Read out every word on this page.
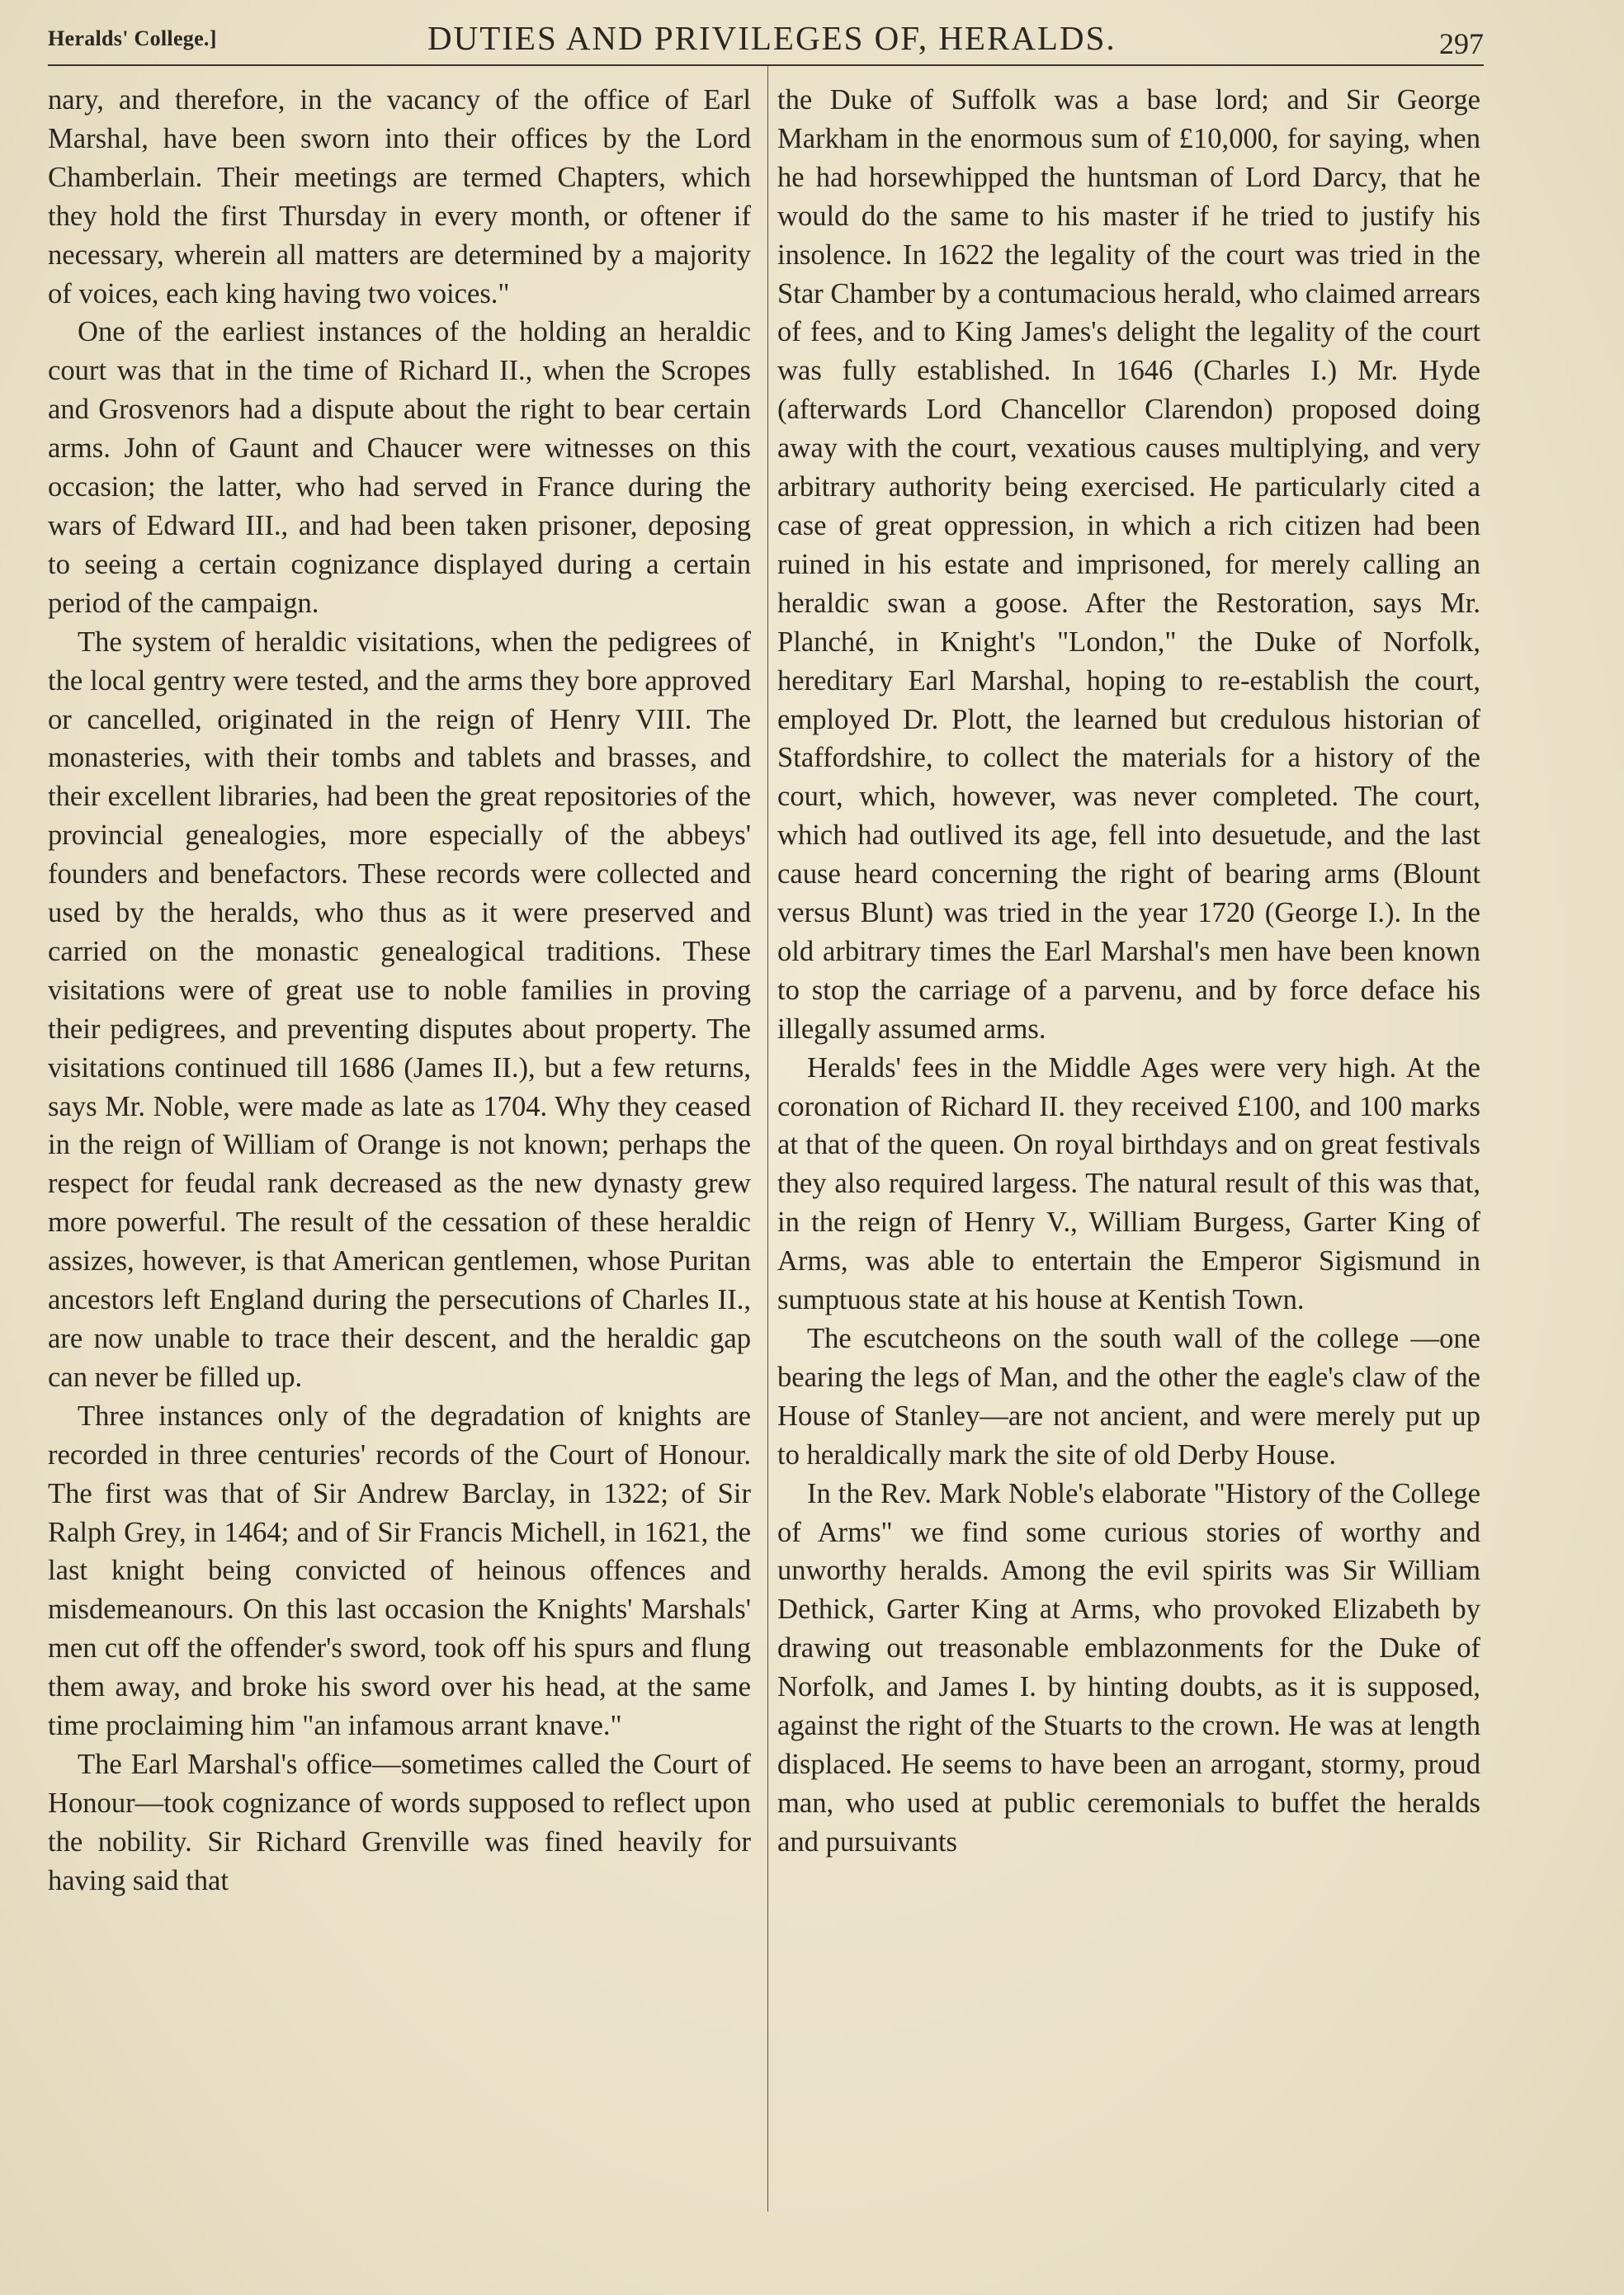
Heralds' College.]	DUTIES AND PRIVILEGES OF, HERALDS.	297

nary, and therefore, in the vacancy of the office of Earl Marshal, have been sworn into their offices by the Lord Chamberlain. Their meetings are termed Chapters, which they hold the first Thursday in every month, or oftener if necessary, wherein all matters are determined by a majority of voices, each king having two voices."

One of the earliest instances of the holding an heraldic court was that in the time of Richard II., when the Scropes and Grosvenors had a dispute about the right to bear certain arms. John of Gaunt and Chaucer were witnesses on this occasion; the latter, who had served in France during the wars of Edward III., and had been taken prisoner, deposing to seeing a certain cognizance displayed during a certain period of the campaign.

The system of heraldic visitations, when the pedigrees of the local gentry were tested, and the arms they bore approved or cancelled, originated in the reign of Henry VIII. The monasteries, with their tombs and tablets and brasses, and their excellent libraries, had been the great repositories of the provincial genealogies, more especially of the abbeys' founders and benefactors. These records were collected and used by the heralds, who thus as it were preserved and carried on the monastic genealogical traditions. These visitations were of great use to noble families in proving their pedigrees, and preventing disputes about property. The visitations continued till 1686 (James II.), but a few returns, says Mr. Noble, were made as late as 1704. Why they ceased in the reign of William of Orange is not known; perhaps the respect for feudal rank decreased as the new dynasty grew more powerful. The result of the cessation of these heraldic assizes, however, is that American gentlemen, whose Puritan ancestors left England during the persecutions of Charles II., are now unable to trace their descent, and the heraldic gap can never be filled up.

Three instances only of the degradation of knights are recorded in three centuries' records of the Court of Honour. The first was that of Sir Andrew Barclay, in 1322; of Sir Ralph Grey, in 1464; and of Sir Francis Michell, in 1621, the last knight being convicted of heinous offences and misdemeanours. On this last occasion the Knights' Marshals' men cut off the offender's sword, took off his spurs and flung them away, and broke his sword over his head, at the same time proclaiming him "an infamous arrant knave."

The Earl Marshal's office—sometimes called the Court of Honour—took cognizance of words supposed to reflect upon the nobility. Sir Richard Grenville was fined heavily for having said that

the Duke of Suffolk was a base lord; and Sir George Markham in the enormous sum of £10,000, for saying, when he had horsewhipped the huntsman of Lord Darcy, that he would do the same to his master if he tried to justify his insolence. In 1622 the legality of the court was tried in the Star Chamber by a contumacious herald, who claimed arrears of fees, and to King James's delight the legality of the court was fully established. In 1646 (Charles I.) Mr. Hyde (afterwards Lord Chancellor Clarendon) proposed doing away with the court, vexatious causes multiplying, and very arbitrary authority being exercised. He particularly cited a case of great oppression, in which a rich citizen had been ruined in his estate and imprisoned, for merely calling an heraldic swan a goose. After the Restoration, says Mr. Planché, in Knight's "London," the Duke of Norfolk, hereditary Earl Marshal, hoping to re-establish the court, employed Dr. Plott, the learned but credulous historian of Staffordshire, to collect the materials for a history of the court, which, however, was never completed. The court, which had outlived its age, fell into desuetude, and the last cause heard concerning the right of bearing arms (Blount versus Blunt) was tried in the year 1720 (George I.). In the old arbitrary times the Earl Marshal's men have been known to stop the carriage of a parvenu, and by force deface his illegally assumed arms.

Heralds' fees in the Middle Ages were very high. At the coronation of Richard II. they received £100, and 100 marks at that of the queen. On royal birthdays and on great festivals they also required largess. The natural result of this was that, in the reign of Henry V., William Burgess, Garter King of Arms, was able to entertain the Emperor Sigismund in sumptuous state at his house at Kentish Town.

The escutcheons on the south wall of the college —one bearing the legs of Man, and the other the eagle's claw of the House of Stanley—are not ancient, and were merely put up to heraldically mark the site of old Derby House.

In the Rev. Mark Noble's elaborate "History of the College of Arms" we find some curious stories of worthy and unworthy heralds. Among the evil spirits was Sir William Dethick, Garter King at Arms, who provoked Elizabeth by drawing out treasonable emblazonments for the Duke of Norfolk, and James I. by hinting doubts, as it is supposed, against the right of the Stuarts to the crown. He was at length displaced. He seems to have been an arrogant, stormy, proud man, who used at public ceremonials to buffet the heralds and pursuivants
